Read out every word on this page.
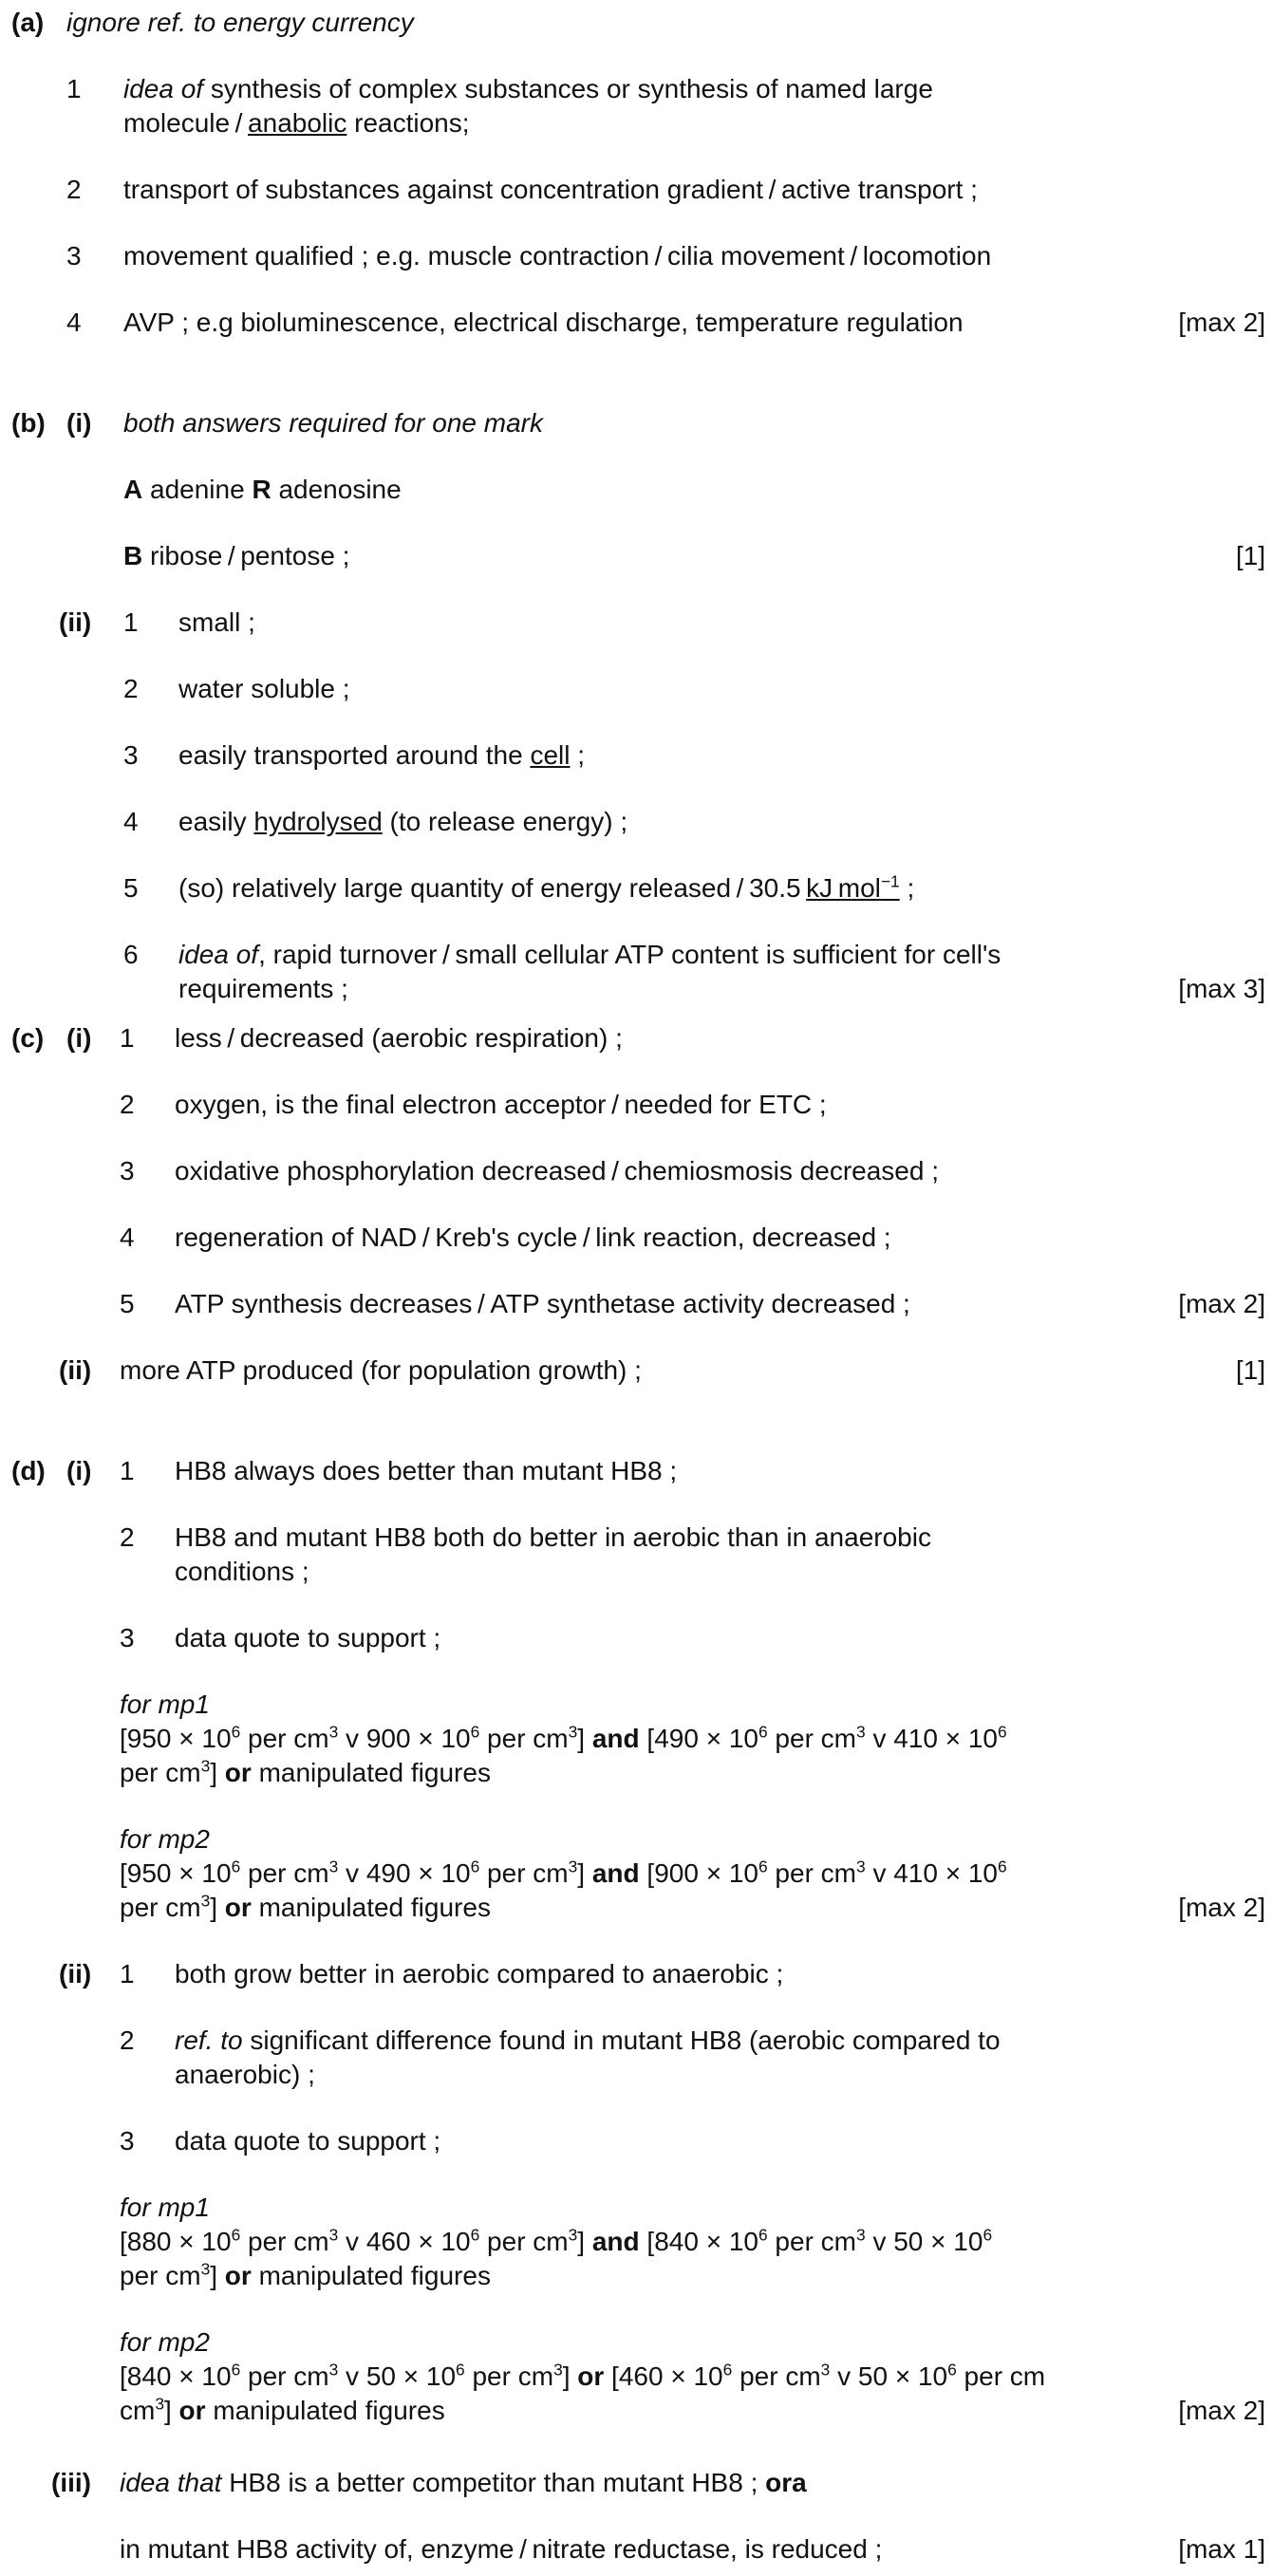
(a) ignore ref. to energy currency
1 idea of synthesis of complex substances or synthesis of named large
molecule / anabolic reactions;
2 transport of substances against concentration gradient / active transport ;
3 movement qualified ; e.g. muscle contraction / cilia movement / locomotion
4 AVP ; e.g bioluminescence, electrical discharge, temperature regulation	[max 2]
(b) (i) both answers required for one mark
A adenine R adenosine
B ribose / pentose ;	[1]
(ii) 1 small ;
2 water soluble ;
3 easily transported around the cell ;
4 easily hydrolysed (to release energy) ;
5 (so) relatively large quantity of energy released / 30.5 kJ mol$^{-1}$ ;
6 idea of, rapid turnover / small cellular ATP content is sufficient for cell's
requirements ;	[max 3]
(c) (i) 1 less / decreased (aerobic respiration) ;
2 oxygen, is the final electron acceptor / needed for ETC ;
3 oxidative phosphorylation decreased / chemiosmosis decreased ;
4 regeneration of NAD / Kreb's cycle / link reaction, decreased ;
5 ATP synthesis decreases / ATP synthetase activity decreased ;	[max 2]
(ii) more ATP produced (for population growth) ;	[1]
(d) (i) 1 HB8 always does better than mutant HB8 ;
2 HB8 and mutant HB8 both do better in aerobic than in anaerobic
conditions ;
3 data quote to support ;
for mp1
[$950 \times 10^6$ per $cm^3$ v $900 \times 10^6$ per $cm^3$] and [$490 \times 10^6$ per $cm^3$ v $410 \times 10^6$
per $cm^3$] or manipulated figures
for mp2
[$950 \times 10^6$ per $cm^3$ v $490 \times 10^6$ per $cm^3$] and [$900 \times 10^6$ per $cm^3$ v $410 \times 10^6$
per $cm^3$] or manipulated figures	[max 2]
(ii) 1 both grow better in aerobic compared to anaerobic ;
2 ref. to significant difference found in mutant HB8 (aerobic compared to
anaerobic) ;
3 data quote to support ;
for mp1
[$880 \times 10^6$ per $cm^3$ v $460 \times 10^6$ per $cm^3$] and [$840 \times 10^6$ per $cm^3$ v $50 \times 10^6$
per $cm^3$] or manipulated figures
for mp2
[$840 \times 10^6$ per $cm^3$ v $50 \times 10^6$ per $cm^3$] or [$460 \times 10^6$ per $cm^3$ v $50 \times 10^6$ per cm
$cm^3$] or manipulated figures	[max 2]
(iii) idea that HB8 is a better competitor than mutant HB8 ; ora
in mutant HB8 activity of, enzyme / nitrate reductase, is reduced ;	[max 1]
